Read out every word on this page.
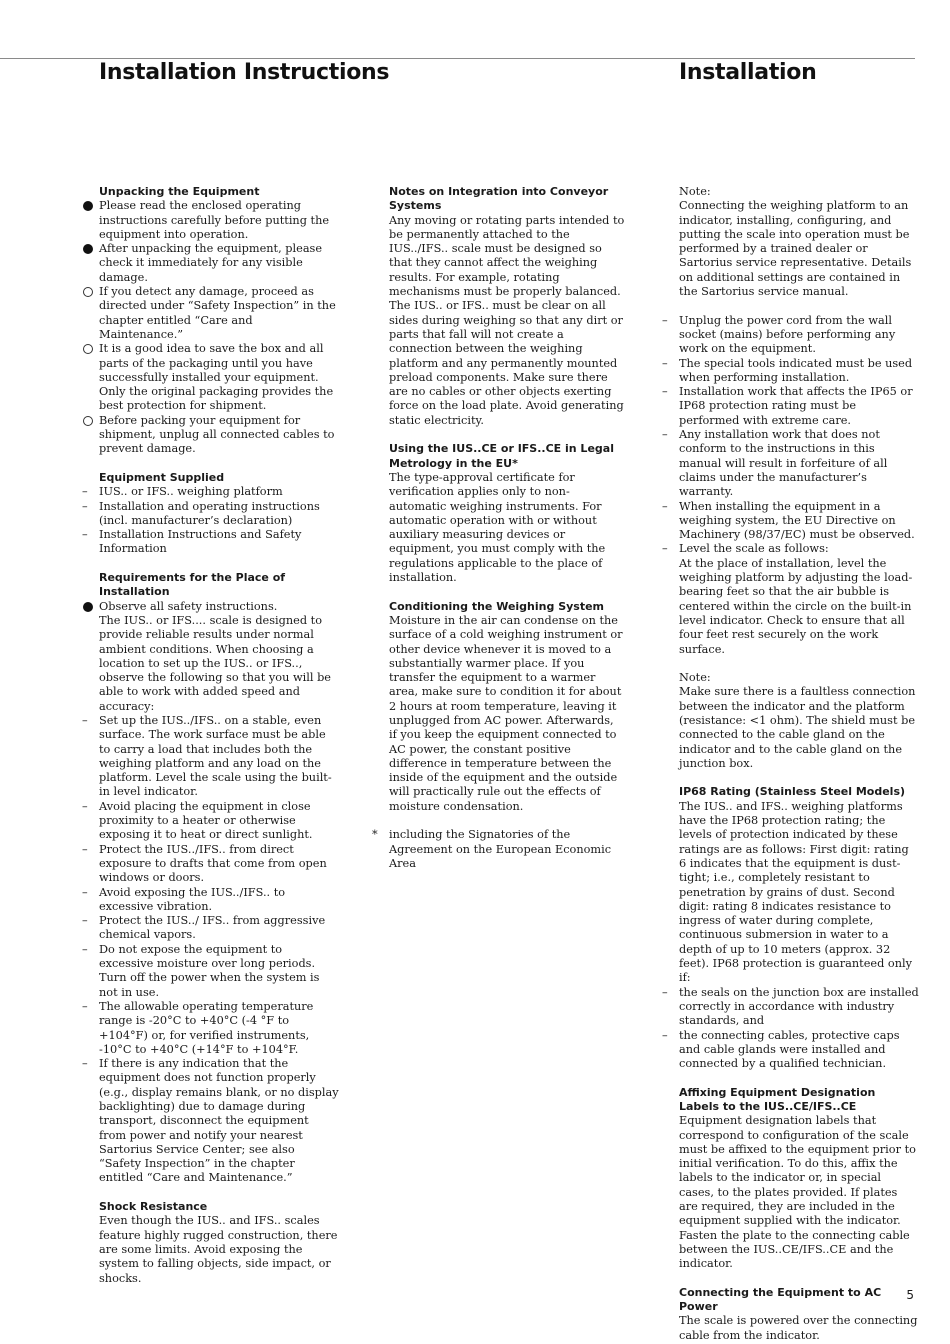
Installation Instructions	Installation
Unpacking the Equipment

Please read the enclosed operating instructions carefully before putting the equipment into operation.

After unpacking the equipment, please check it immediately for any visible damage.

If you detect any damage, proceed as directed under “Safety Inspection” in the chapter entitled “Care and Maintenance.”

It is a good idea to save the box and all parts of the packaging until you have successfully installed your equipment. Only the original packaging provides the best protection for shipment.

Before packing your equipment for shipment, unplug all connected cables to prevent damage.

Equipment Supplied
– IUS.. or IFS.. weighing platform

– Installation and operating instructions (incl. manufacturer’s declaration)

– Installation Instructions and Safety Information

Requirements for the Place of Installation

Observe all safety instructions.

The IUS.. or IFS.... scale is designed to provide reliable results under normal ambient conditions. When choosing a location to set up the IUS.. or IFS.., observe the following so that you will be able to work with added speed and accuracy:

– Set up the IUS../IFS.. on a stable, even surface. The work surface must be able to carry a load that includes both the weighing platform and any load on the platform. Level the scale using the built-in level indicator.

– Avoid placing the equipment in close proximity to a heater or otherwise exposing it to heat or direct sunlight.

– Protect the IUS../IFS.. from direct exposure to drafts that come from open windows or doors.

– Avoid exposing the IUS../IFS.. to excessive vibration.

– Protect the IUS../ IFS.. from aggressive chemical vapors.

– Do not expose the equipment to excessive moisture over long periods.

Turn off the power when the system is not in use.

– The allowable operating temperature range is -20°C to +40°C (-4 °F to +104°F) or, for verified instruments, -10°C to +40°C (+14°F to +104°F.

– If there is any indication that the equipment does not function properly (e.g., display remains blank, or no display backlighting) due to damage during transport, disconnect the equipment from power and notify your nearest Sartorius Service Center; see also “Safety Inspection” in the chapter entitled “Care and Maintenance.”

Shock Resistance

Even though the IUS.. and IFS.. scales feature highly rugged construction, there are some limits. Avoid exposing the system to falling objects, side impact, or shocks.

Notes on Integration into Conveyor Systems

Any moving or rotating parts intended to be permanently attached to the IUS../IFS.. scale must be designed so that they cannot affect the weighing results. For example, rotating mechanisms must be properly balanced. The IUS.. or IFS.. must be clear on all sides during weighing so that any dirt or parts that fall will not create a connection between the weighing platform and any permanently mounted preload components. Make sure there are no cables or other objects exerting force on the load plate. Avoid generating static electricity.

Using the IUS..CE or IFS..CE in Legal Metrology in the EU*

The type-approval certificate for verification applies only to non-automatic weighing instruments. For automatic operation with or without auxiliary measuring devices or equipment, you must comply with the regulations applicable to the place of installation.

Conditioning the Weighing System

Moisture in the air can condense on the surface of a cold weighing instrument or other device whenever it is moved to a substantially warmer place. If you transfer the equipment to a warmer area, make sure to condition it for about 2 hours at room temperature, leaving it unplugged from AC power. Afterwards, if you keep the equipment connected to AC power, the constant positive difference in temperature between the inside of the equipment and the outside will practically rule out the effects of moisture condensation.

* including the Signatories of the Agreement on the European Economic Area

Note:

Connecting the weighing platform to an indicator, installing, configuring, and putting the scale into operation must be performed by a trained dealer or Sartorius service representative. Details on additional settings are contained in the Sartorius service manual.

– Unplug the power cord from the wall socket (mains) before performing any work on the equipment.

– The special tools indicated must be used when performing installation.

– Installation work that affects the IP65 or IP68 protection rating must be performed with extreme care.

– Any installation work that does not conform to the instructions in this manual will result in forfeiture of all claims under the manufacturer’s warranty.

– When installing the equipment in a weighing system, the EU Directive on Machinery (98/37/EC) must be observed.

– Level the scale as follows:

At the place of installation, level the weighing platform by adjusting the load-bearing feet so that the air bubble is centered within the circle on the built-in level indicator. Check to ensure that all four feet rest securely on the work surface.

Note:

Make sure there is a faultless connection between the indicator and the platform (resistance: <1 ohm). The shield must be connected to the cable gland on the indicator and to the cable gland on the junction box.

IP68 Rating (Stainless Steel Models)

The IUS.. and IFS.. weighing platforms have the IP68 protection rating; the levels of protection indicated by these ratings are as follows: First digit: rating 6 indicates that the equipment is dust-tight; i.e., completely resistant to penetration by grains of dust. Second digit: rating 8 indicates resistance to ingress of water during complete, continuous submersion in water to a depth of up to 10 meters (approx. 32 feet). IP68 protection is guaranteed only if:

– the seals on the junction box are installed correctly in accordance with industry standards, and

– the connecting cables, protective caps and cable glands were installed and connected by a qualified technician.

Affixing Equipment Designation Labels to the IUS..CE/IFS..CE

Equipment designation labels that correspond to configuration of the scale must be affixed to the equipment prior to initial verification. To do this, affix the labels to the indicator or, in special cases, to the plates provided. If plates are required, they are included in the equipment supplied with the indicator. Fasten the plate to the connecting cable between the IUS..CE/IFS..CE and the indicator.

Connecting the Equipment to AC Power

The scale is powered over the connecting cable from the indicator.

5
